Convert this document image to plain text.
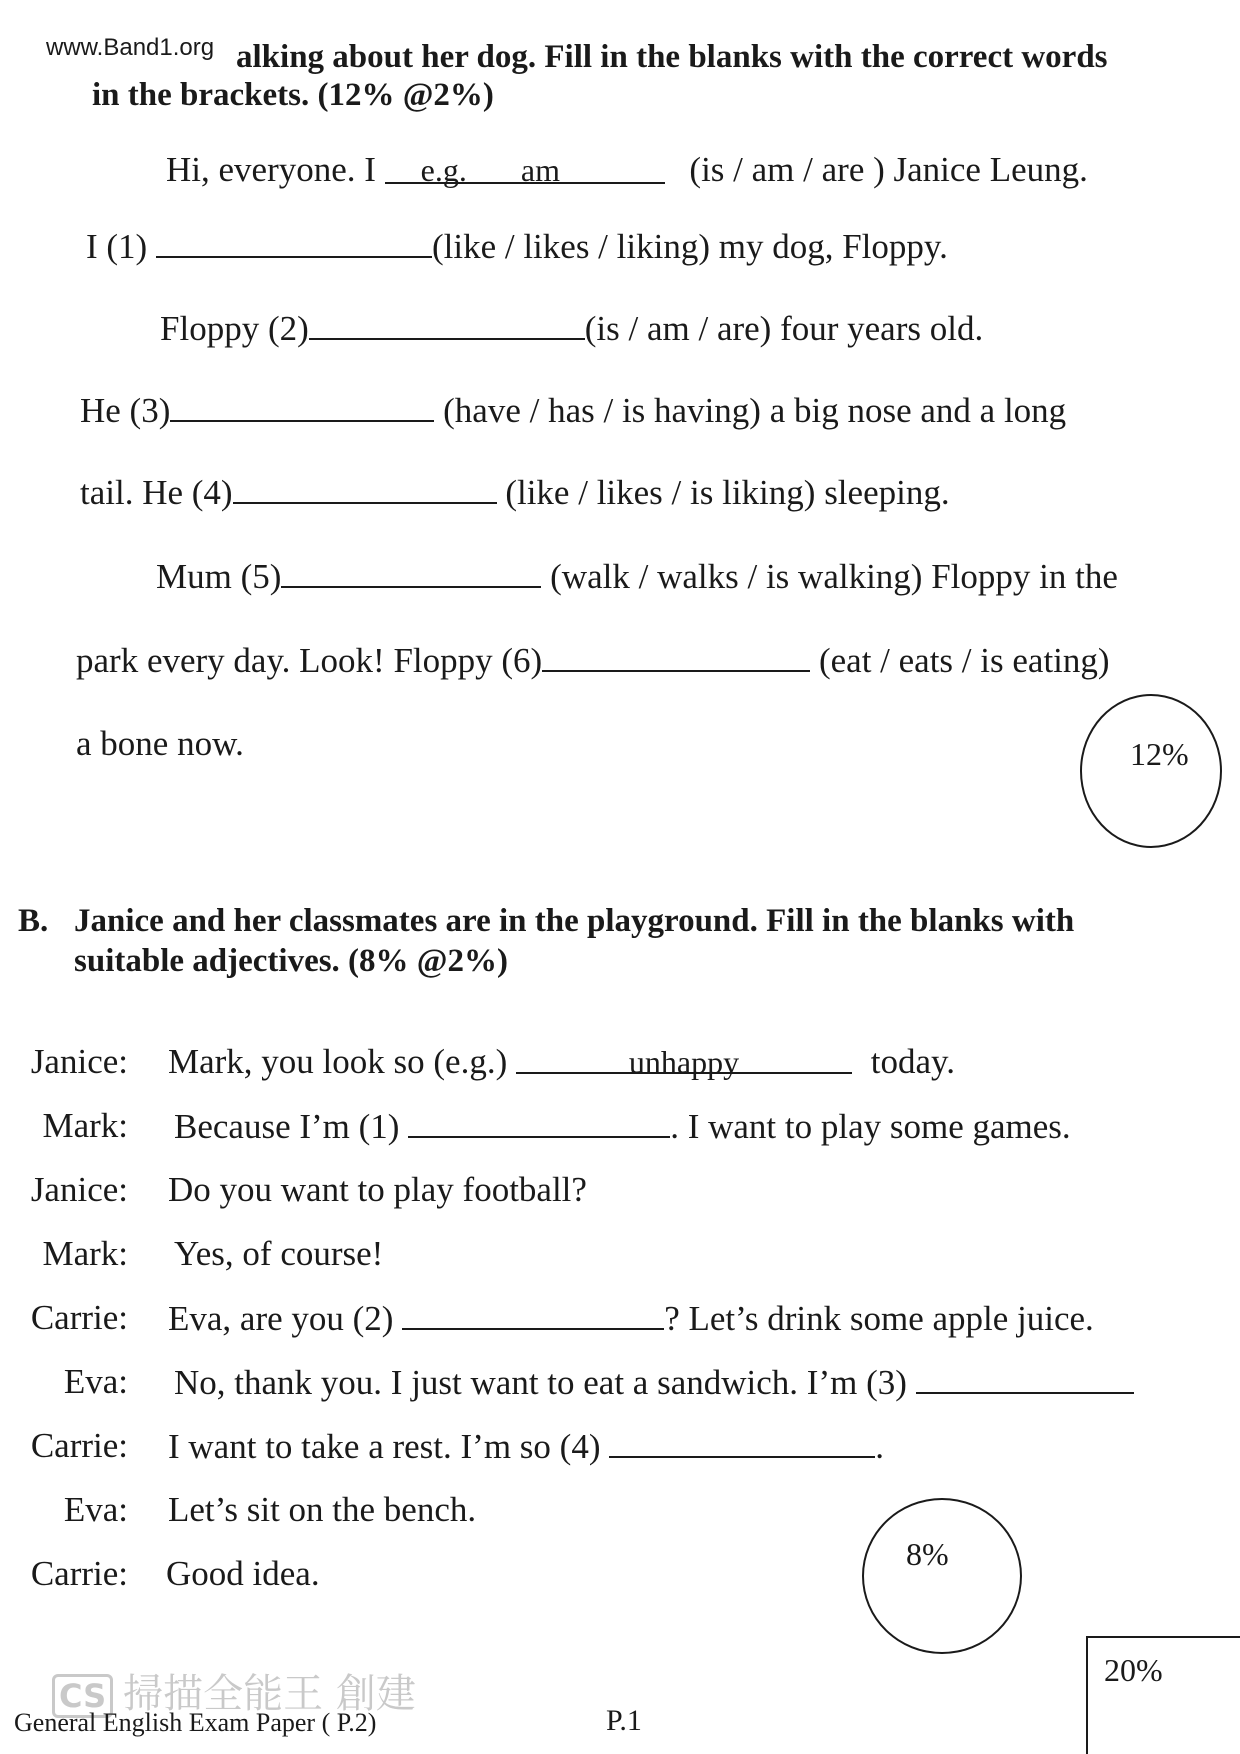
www.Band1.org alking about her dog. Fill in the blanks with the correct words
in the brackets. (12% @2%)
Hi, everyone. I e.g. am	(is / am / are ) Janice Leung.
I (1)	(like / likes / liking) my dog, Floppy.
Floppy (2)	(is / am / are) four years old.
He (3)	(have / has / is having) a big nose and a long
tail. He (4)	(like / likes / is liking) sleeping.
Mum (5)	(walk / walks / is walking) Floppy in the
park every day. Look! Floppy (6)	(eat / eats / is eating)
a bone now.	12%
B. Janice and her classmates are in the playground. Fill in the blanks with
suitable adjectives. (8% @2%)
Janice: Mark, you look so (e.g.)	unhappy	today.
Mark: Because I’m (1)	. I want to play some games.
Janice: Do you want to play football?
Mark: Yes, of course!
Carrie: Eva, are you (2)	? Let’s drink some apple juice.
Eva: No, thank you. I just want to eat a sandwich. I’m (3)
Carrie: I want to take a rest. I’m so (4)	.
Eva: Let’s sit on the bench.
Carrie: Good idea.	8%
20%
CS 掃描全能王 創建
General English Exam Paper ( P.2)	P.1
